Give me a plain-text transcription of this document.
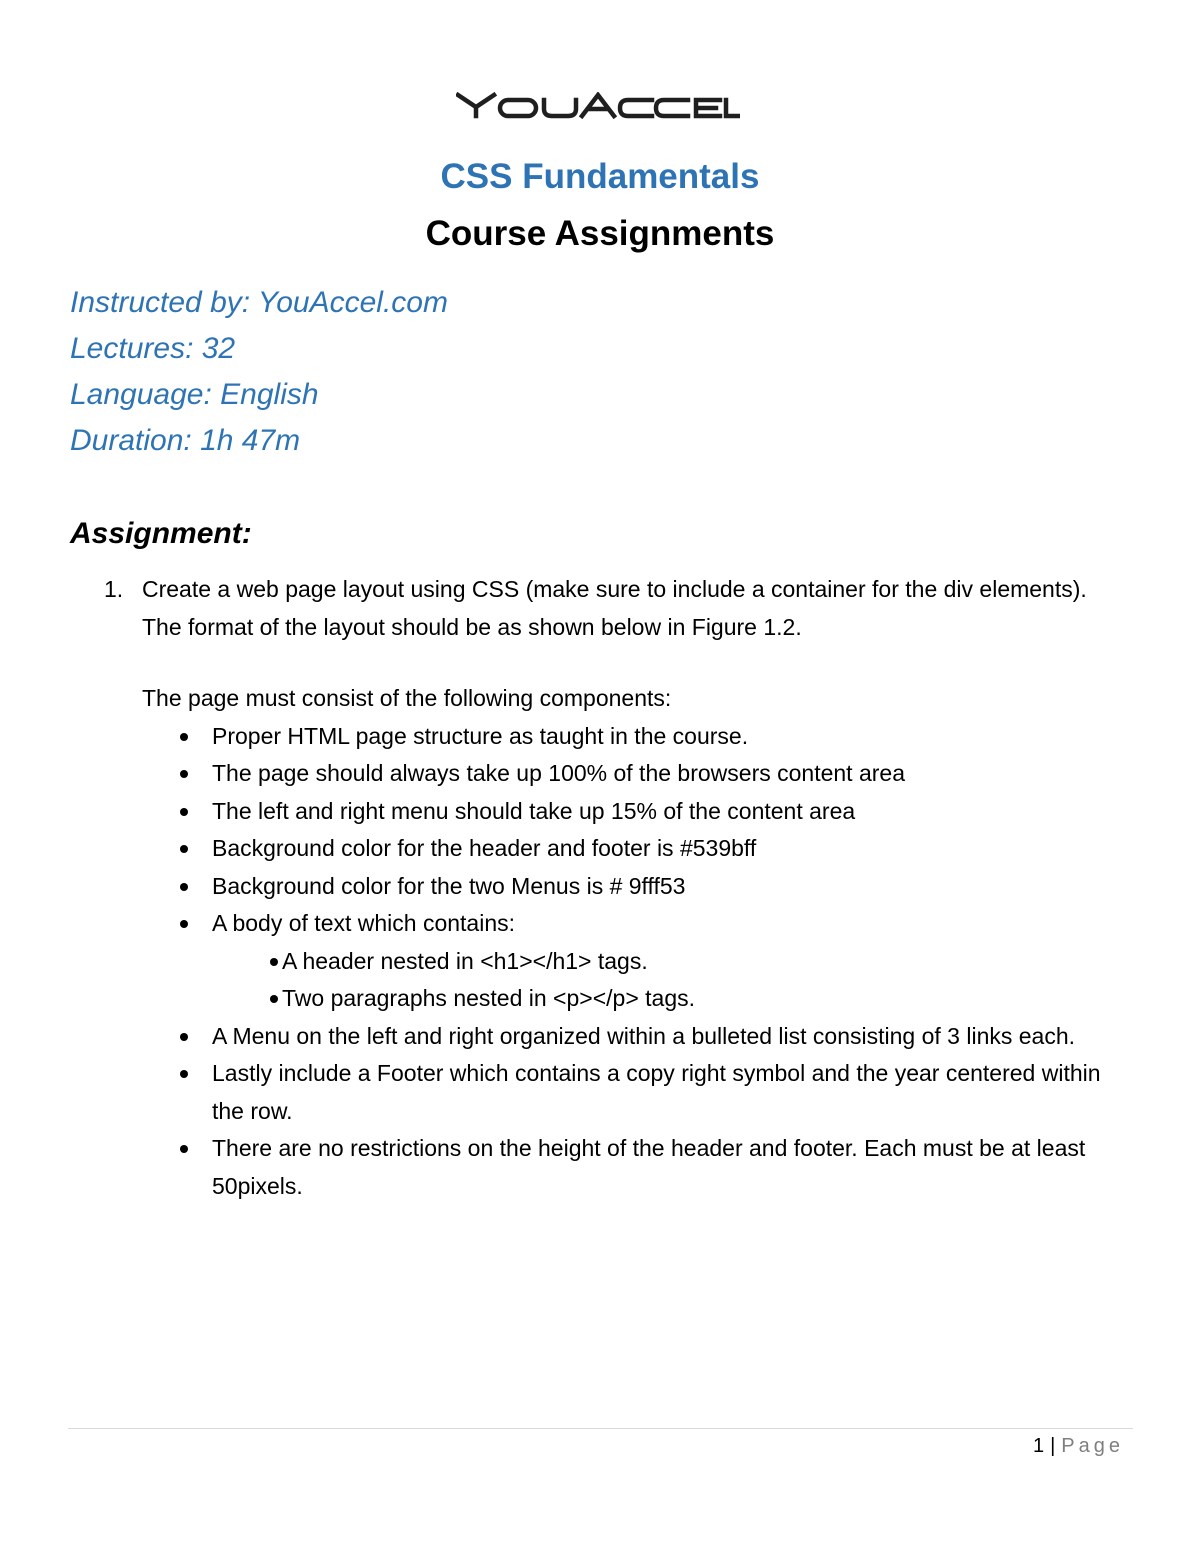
CSS Fundamentals
Course Assignments
Instructed by: YouAccel.com
Lectures: 32
Language: English
Duration: 1h 47m
Assignment:
1. Create a web page layout using CSS (make sure to include a container for the div elements). The format of the layout should be as shown below in Figure 1.2.
The page must consist of the following components:
Proper HTML page structure as taught in the course.
The page should always take up 100% of the browsers content area
The left and right menu should take up 15% of the content area
Background color for the header and footer is #539bff
Background color for the two Menus is # 9fff53
A body of text which contains:
A header nested in <h1></h1> tags.
Two paragraphs nested in <p></p> tags.
A Menu on the left and right organized within a bulleted list consisting of 3 links each.
Lastly include a Footer which contains a copy right symbol and the year centered within the row.
There are no restrictions on the height of the header and footer. Each must be at least 50pixels.
1 | Page
